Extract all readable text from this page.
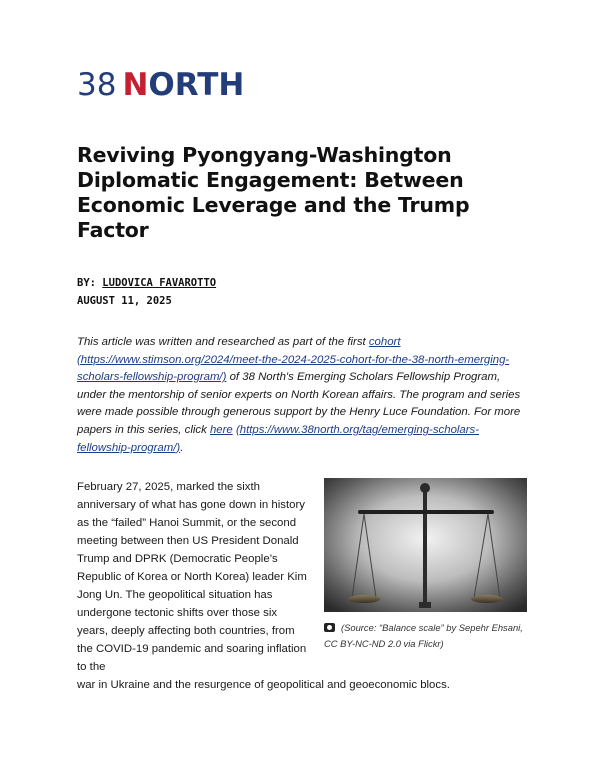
38 N ORTH
Reviving Pyongyang-Washington Diplomatic Engagement: Between Economic Leverage and the Trump Factor
BY: LUDOVICA FAVAROTTO
AUGUST 11, 2025

This article was written and researched as part of the first cohort (https://www.stimson.org/2024/meet-the-2024-2025-cohort-for-the-38-north-emerging-scholars-fellowship-program/) of 38 North's Emerging Scholars Fellowship Program, under the mentorship of senior experts on North Korean affairs. The program and series were made possible through generous support by the Henry Luce Foundation. For more papers in this series, click here (https://www.38north.org/tag/emerging-scholars-fellowship-program/).

(Source: “Balance scale” by Sepehr Ehsani, CC BY-NC-ND 2.0 via Flickr)

February 27, 2025, marked the sixth anniversary of what has gone down in history as the “failed” Hanoi Summit, or the second meeting between then US President Donald Trump and DPRK (Democratic People’s Republic of Korea or North Korea) leader Kim Jong Un. The geopolitical situation has undergone tectonic shifts over those six years, deeply affecting both countries, from the COVID-19 pandemic and soaring inflation to the

war in Ukraine and the resurgence of geopolitical and geoeconomic blocs.
